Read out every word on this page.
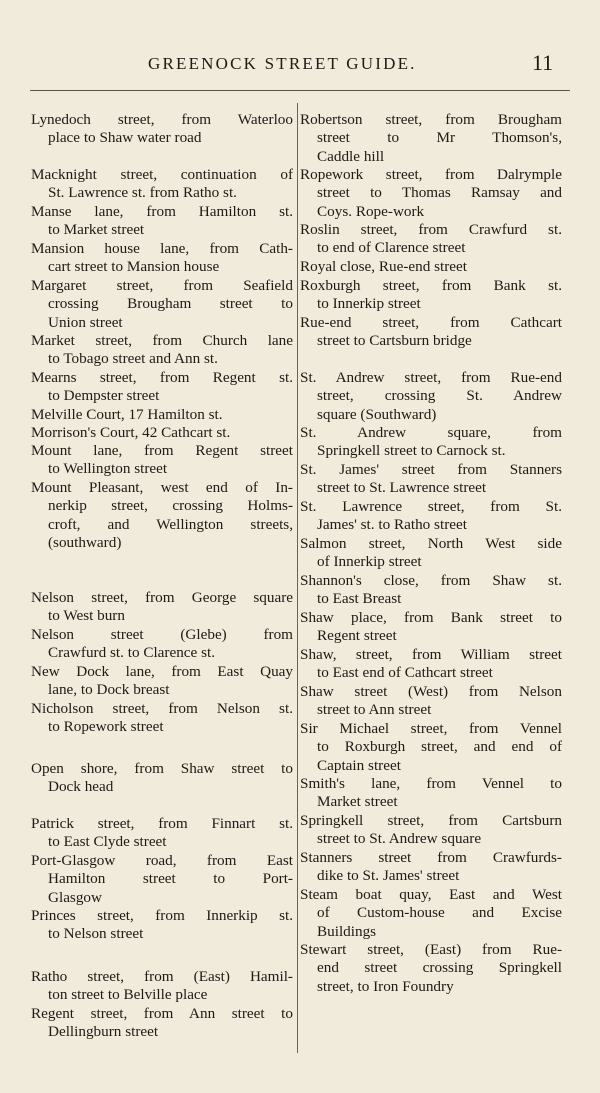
GREENOCK STREET GUIDE.	11
Lynedoch street, from Waterloo
place to Shaw water road
Macknight street, continuation of
St. Lawrence st. from Ratho st.
Manse lane, from Hamilton st.
to Market street
Mansion house lane, from Cath-
cart street to Mansion house
Margaret street, from Seafield
crossing Brougham street to
Union street
Market street, from Church lane
to Tobago street and Ann st.
Mearns street, from Regent st.
to Dempster street
Melville Court, 17 Hamilton st.
Morrison's Court, 42 Cathcart st.
Mount lane, from Regent street
to Wellington street
Mount Pleasant, west end of In-
nerkip street, crossing Holms-
croft, and Wellington streets,
(southward)
Nelson street, from George square
to West burn
Nelson street (Glebe) from
Crawfurd st. to Clarence st.
New Dock lane, from East Quay
lane, to Dock breast
Nicholson street, from Nelson st.
to Ropework street
Open shore, from Shaw street to
Dock head
Patrick street, from Finnart st.
to East Clyde street
Port-Glasgow road, from East
Hamilton street to Port-
Glasgow
Princes street, from Innerkip st.
to Nelson street
Ratho street, from (East) Hamil-
ton street to Belville place
Regent street, from Ann street to
Dellingburn street
Robertson street, from Brougham
street to Mr Thomson's,
Caddle hill
Ropework street, from Dalrymple
street to Thomas Ramsay and
Coys. Rope-work
Roslin street, from Crawfurd st.
to end of Clarence street
Royal close, Rue-end street
Roxburgh street, from Bank st.
to Innerkip street
Rue-end street, from Cathcart
street to Cartsburn bridge
St. Andrew street, from Rue-end
street, crossing St. Andrew
square (Southward)
St. Andrew square, from
Springkell street to Carnock st.
St. James' street from Stanners
street to St. Lawrence street
St. Lawrence street, from St.
James' st. to Ratho street
Salmon street, North West side
of Innerkip street
Shannon's close, from Shaw st.
to East Breast
Shaw place, from Bank street to
Regent street
Shaw, street, from William street
to East end of Cathcart street
Shaw street (West) from Nelson
street to Ann street
Sir Michael street, from Vennel
to Roxburgh street, and end of
Captain street
Smith's lane, from Vennel to
Market street
Springkell street, from Cartsburn
street to St. Andrew square
Stanners street from Crawfurds-
dike to St. James' street
Steam boat quay, East and West
of Custom-house and Excise
Buildings
Stewart street, (East) from Rue-
end street crossing Springkell
street, to Iron Foundry
